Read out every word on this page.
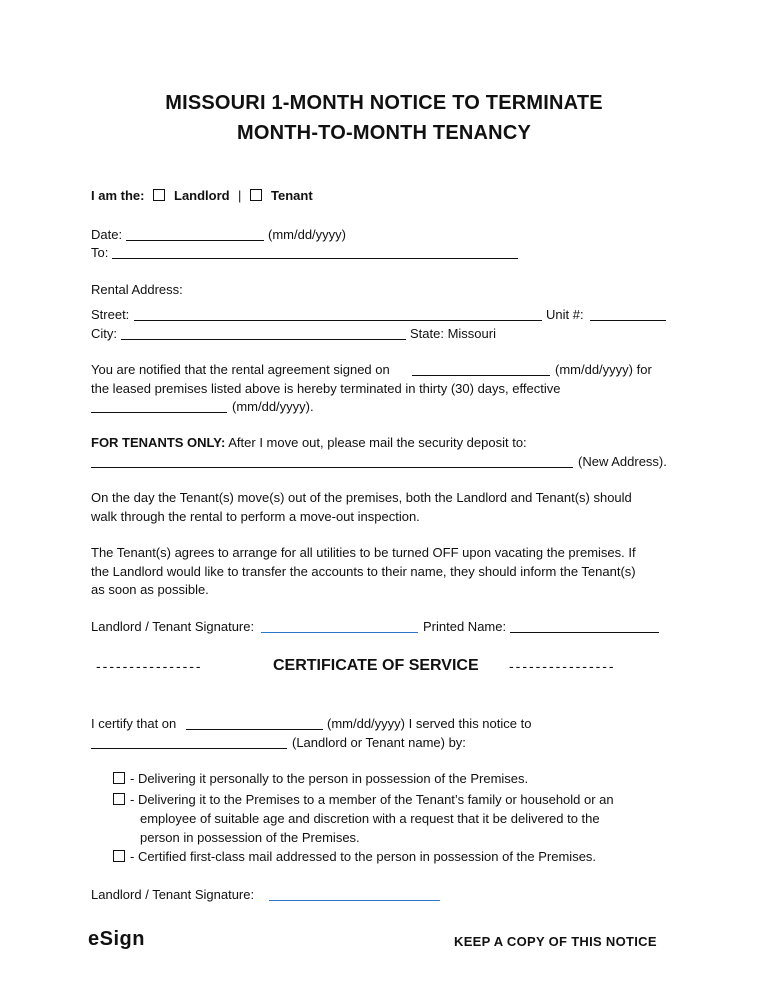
MISSOURI 1-MONTH NOTICE TO TERMINATE
MONTH-TO-MONTH TENANCY
I am the: Landlord | Tenant
Date:	(mm/dd/yyyy)
To:
Rental Address:
Street:	Unit #:
City:	State: Missouri
You are notified that the rental agreement signed on	(mm/dd/yyyy) for
the leased premises listed above is hereby terminated in thirty (30) days, effective
(mm/dd/yyyy).
FOR TENANTS ONLY: After I move out, please mail the security deposit to:
(New Address).
On the day the Tenant(s) move(s) out of the premises, both the Landlord and Tenant(s) should
walk through the rental to perform a move-out inspection.
The Tenant(s) agrees to arrange for all utilities to be turned OFF upon vacating the premises. If
the Landlord would like to transfer the accounts to their name, they should inform the Tenant(s)
as soon as possible.
Landlord / Tenant Signature:	Printed Name:
----------------	CERTIFICATE OF SERVICE ----------------
I certify that on	(mm/dd/yyyy) I served this notice to
(Landlord or Tenant name) by:
- Delivering it personally to the person in possession of the Premises.
- Delivering it to the Premises to a member of the Tenant’s family or household or an
employee of suitable age and discretion with a request that it be delivered to the
person in possession of the Premises.
- Certified first-class mail addressed to the person in possession of the Premises.
Landlord / Tenant Signature:
eSign	KEEP A COPY OF THIS NOTICE
